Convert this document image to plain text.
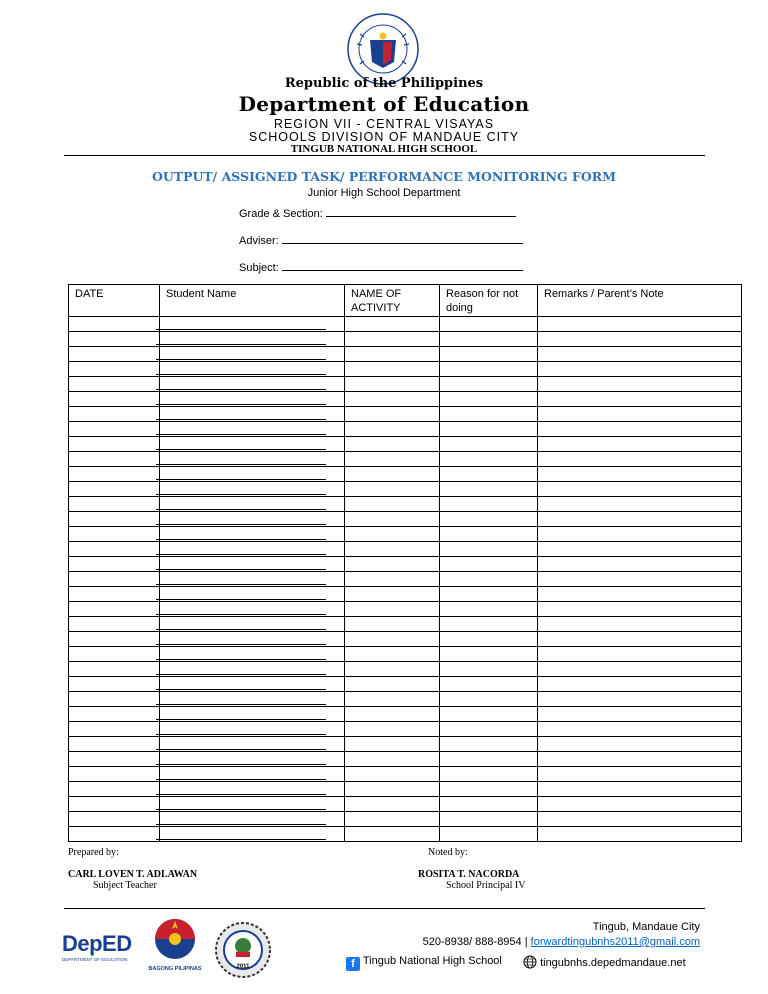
Republic of the Philippines
Department of Education
REGION VII - CENTRAL VISAYAS
SCHOOLS DIVISION OF MANDAUE CITY
TINGUB NATIONAL HIGH SCHOOL
OUTPUT/ ASSIGNED TASK/ PERFORMANCE MONITORING FORM
Junior High School Department
Grade & Section:
Adviser:
Subject:
DATE	Student Name	NAME OF ACTIVITY	Reason for not doing	Remarks / Parent’s Note

Prepared by:
CARL LOVEN T. ADLAWAN
Subject Teacher
Noted by:
ROSITA T. NACORDA
School Principal IV
DepED
DEPARTMENT OF EDUCATION
BAGONG PILIPINAS	2011
Tingub, Mandaue City
520-8938/ 888-8954 | forwardtingubnhs2011@gmail.com
f Tingub National High School	tingubnhs.depedmandaue.net
